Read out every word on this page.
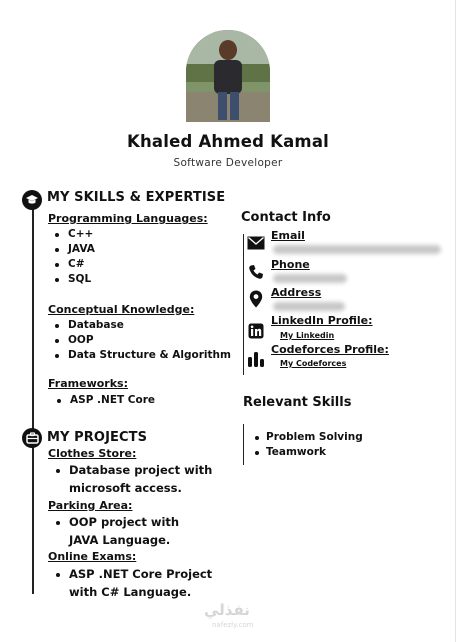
Khaled Ahmed Kamal
Software Developer
MY SKILLS & EXPERTISE
Programming Languages:
C++
JAVA
C#
SQL
Conceptual Knowledge:
Database
OOP
Data Structure & Algorithm
Frameworks:
ASP .NET Core
MY PROJECTS
Clothes Store:
Database project with
microsoft access.
Parking Area:
OOP project with
JAVA Language.
Online Exams:
ASP .NET Core Project
with C# Language.
Contact Info
Email
Phone
Address
LinkedIn Profile:
My Linkedin
Codeforces Profile:
My Codeforces
Relevant Skills
Problem Solving
Teamwork
نفذلي
nafezly.com
